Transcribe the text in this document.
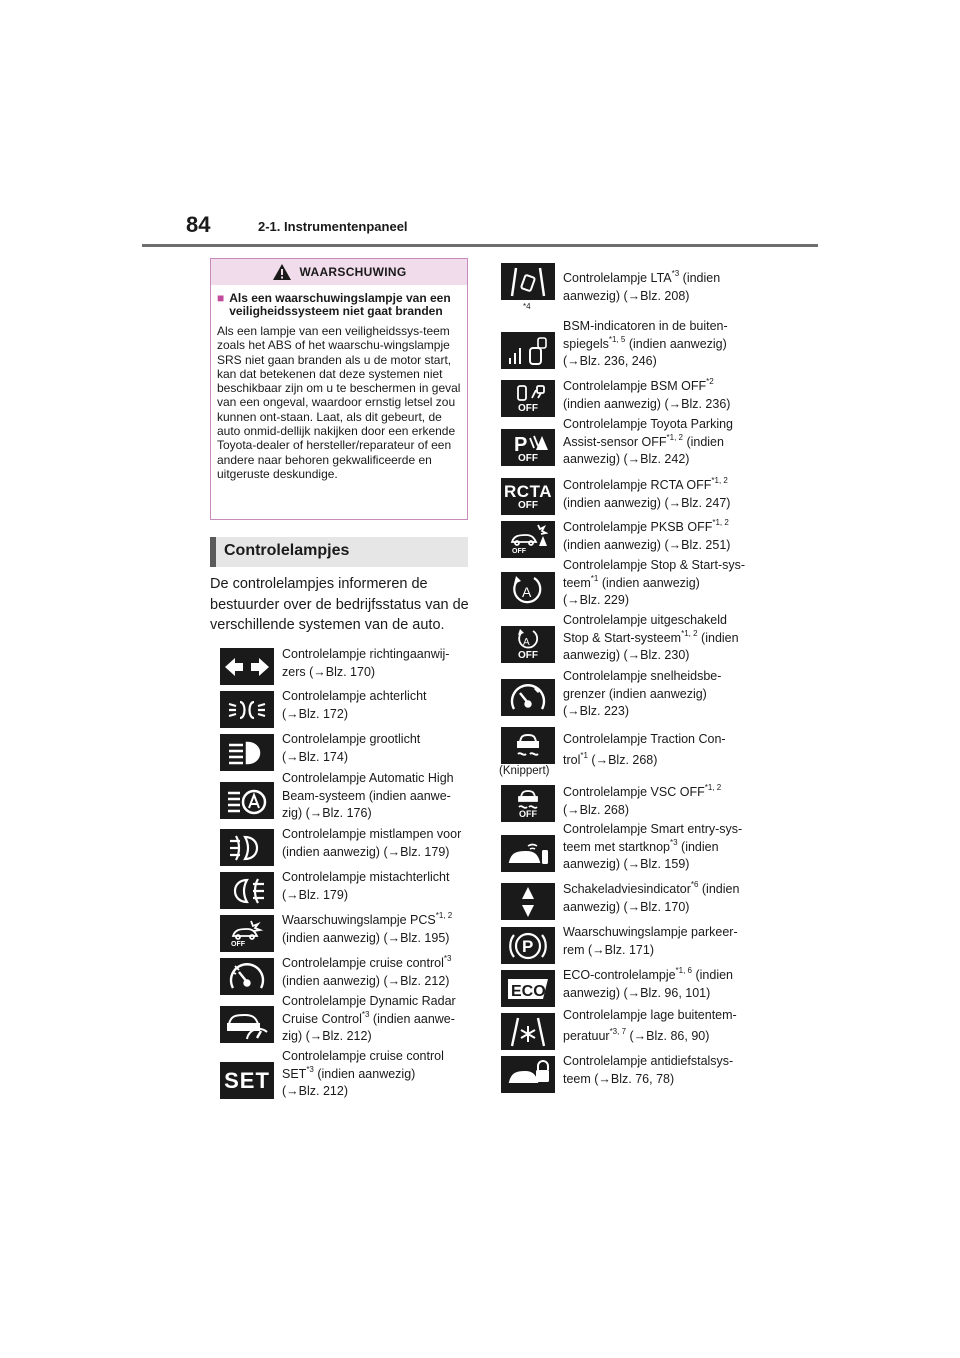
84	2-1. Instrumentenpaneel
WAARSCHUWING
■ Als een waarschuwingslampje van een veiligheidssysteem niet gaat branden
Als een lampje van een veiligheidssys-teem zoals het ABS of het waarschu-wingslampje SRS niet gaan branden als u de motor start, kan dat betekenen dat deze systemen niet beschikbaar zijn om u te beschermen in geval van een ongeval, waardoor ernstig letsel zou kunnen ont-staan. Laat, als dit gebeurt, de auto onmid-dellijk nakijken door een erkende Toyota-dealer of hersteller/reparateur of een andere naar behoren gekwalificeerde en uitgeruste deskundige.
Controlelampjes
De controlelampjes informeren de bestuurder over de bedrijfsstatus van de verschillende systemen van de auto.
Controlelampje richtingaanwij-
zers (→Blz. 170)
Controlelampje achterlicht
(→Blz. 172)
Controlelampje grootlicht
(→Blz. 174)
Controlelampje Automatic High
Beam-systeem (indien aanwe-
zig) (→Blz. 176)
Controlelampje mistlampen voor
(indien aanwezig) (→Blz. 179)
Controlelampje mistachterlicht
(→Blz. 179)
OFF
Waarschuwingslampje PCS$^{*1, 2}$
(indien aanwezig) (→Blz. 195)
Controlelampje cruise control$^{*3}$
(indien aanwezig) (→Blz. 212)
Controlelampje Dynamic Radar
Cruise Control$^{*3}$ (indien aanwe-
zig) (→Blz. 212)
SET
Controlelampje cruise control
SET$^{*3}$ (indien aanwezig)
(→Blz. 212)
*4
Controlelampje LTA$^{*3}$ (indien
aanwezig) (→Blz. 208)
BSM-indicatoren in de buiten-
spiegels$^{*1, 5}$ (indien aanwezig)
(→Blz. 236, 246)
OFF
Controlelampje BSM OFF$^{*2}$
(indien aanwezig) (→Blz. 236)
P
OFF
Controlelampje Toyota Parking
Assist-sensor OFF$^{*1, 2}$ (indien
aanwezig) (→Blz. 242)
RCTA
OFF
Controlelampje RCTA OFF$^{*1, 2}$
(indien aanwezig) (→Blz. 247)
OFF
Controlelampje PKSB OFF$^{*1, 2}$
(indien aanwezig) (→Blz. 251)
A
Controlelampje Stop & Start-sys-
teem$^{*1}$ (indien aanwezig)
(→Blz. 229)
A
OFF
Controlelampje uitgeschakeld
Stop & Start-systeem$^{*1, 2}$ (indien
aanwezig) (→Blz. 230)
Controlelampje snelheidsbe-
grenzer (indien aanwezig)
(→Blz. 223)
(Knippert)
Controlelampje Traction Con-
trol$^{*1}$ (→Blz. 268)
OFF
Controlelampje VSC OFF$^{*1, 2}$
(→Blz. 268)
Controlelampje Smart entry-sys-
teem met startknop$^{*3}$ (indien
aanwezig) (→Blz. 159)
Schakeladviesindicator$^{*6}$ (indien
aanwezig) (→Blz. 170)
P
Waarschuwingslampje parkeer-
rem (→Blz. 171)
ECO
ECO-controlelampje$^{*1, 6}$ (indien
aanwezig) (→Blz. 96, 101)
Controlelampje lage buitentem-
peratuur$^{*3, 7}$ (→Blz. 86, 90)
Controlelampje antidiefstalsys-
teem (→Blz. 76, 78)
